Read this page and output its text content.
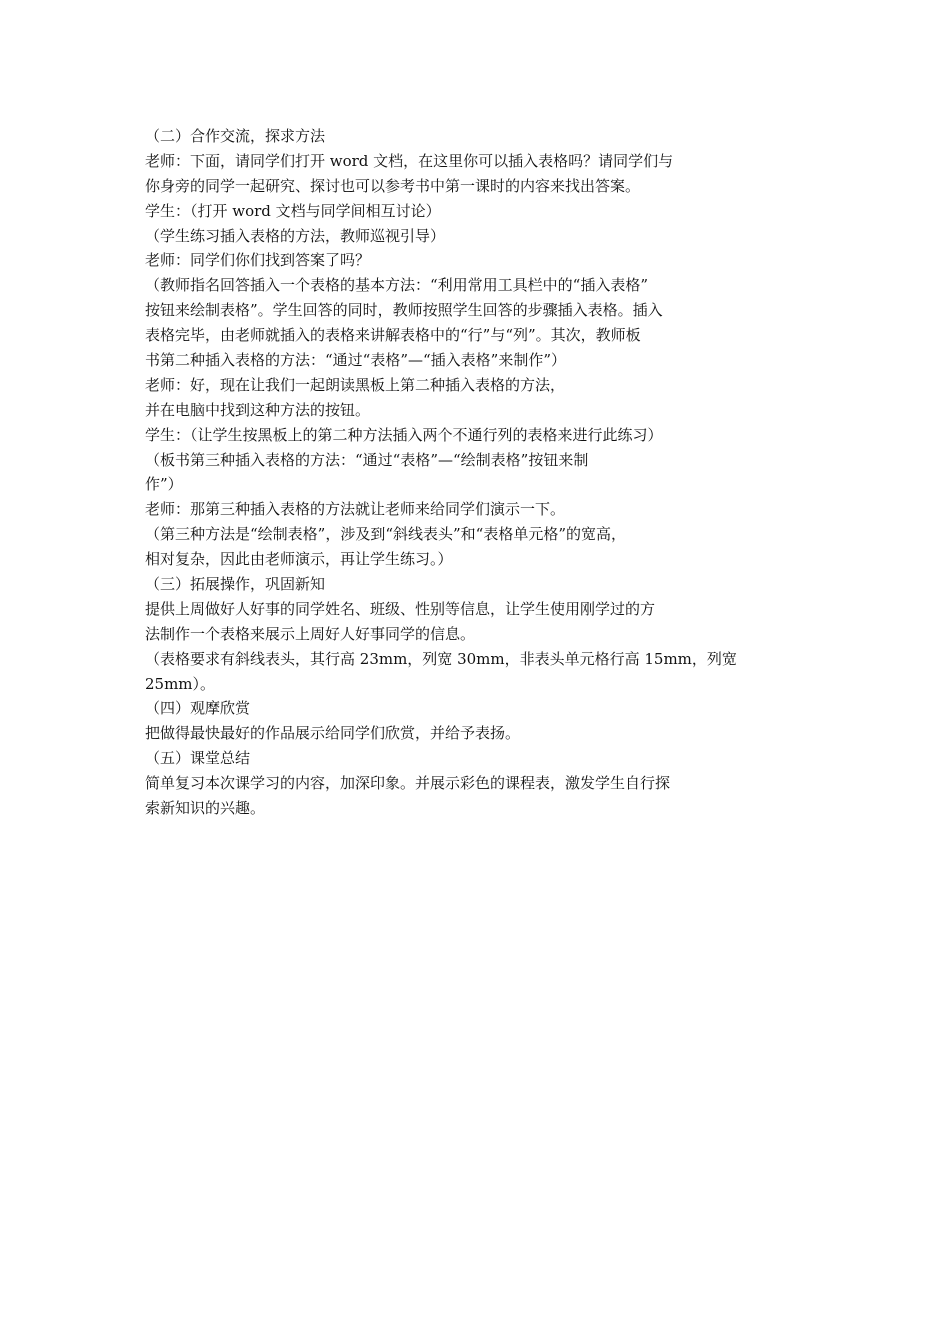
（二）合作交流，探求方法
老师：下面，请同学们打开 word 文档，在这里你可以插入表格吗？请同学们与
你身旁的同学一起研究、探讨也可以参考书中第一课时的内容来找出答案。
学生：（打开 word 文档与同学间相互讨论）
（学生练习插入表格的方法，教师巡视引导）
老师：同学们你们找到答案了吗？
（教师指名回答插入一个表格的基本方法：“利用常用工具栏中的“插入表格”
按钮来绘制表格”。学生回答的同时，教师按照学生回答的步骤插入表格。插入
表格完毕，由老师就插入的表格来讲解表格中的“行”与“列”。其次，教师板
书第二种插入表格的方法：“通过“表格”—“插入表格”来制作”）
老师：好，现在让我们一起朗读黑板上第二种插入表格的方法，
并在电脑中找到这种方法的按钮。
学生：（让学生按黑板上的第二种方法插入两个不通行列的表格来进行此练习）
（板书第三种插入表格的方法：“通过“表格”—“绘制表格”按钮来制
作”）
老师：那第三种插入表格的方法就让老师来给同学们演示一下。
（第三种方法是“绘制表格”，涉及到“斜线表头”和“表格单元格”的宽高，
相对复杂，因此由老师演示，再让学生练习。）
（三）拓展操作，巩固新知
提供上周做好人好事的同学姓名、班级、性别等信息，让学生使用刚学过的方
法制作一个表格来展示上周好人好事同学的信息。
（表格要求有斜线表头，其行高 23mm，列宽 30mm，非表头单元格行高 15mm，列宽
25mm）。
（四）观摩欣赏
把做得最快最好的作品展示给同学们欣赏，并给予表扬。
（五）课堂总结
简单复习本次课学习的内容，加深印象。并展示彩色的课程表，激发学生自行探
索新知识的兴趣。
